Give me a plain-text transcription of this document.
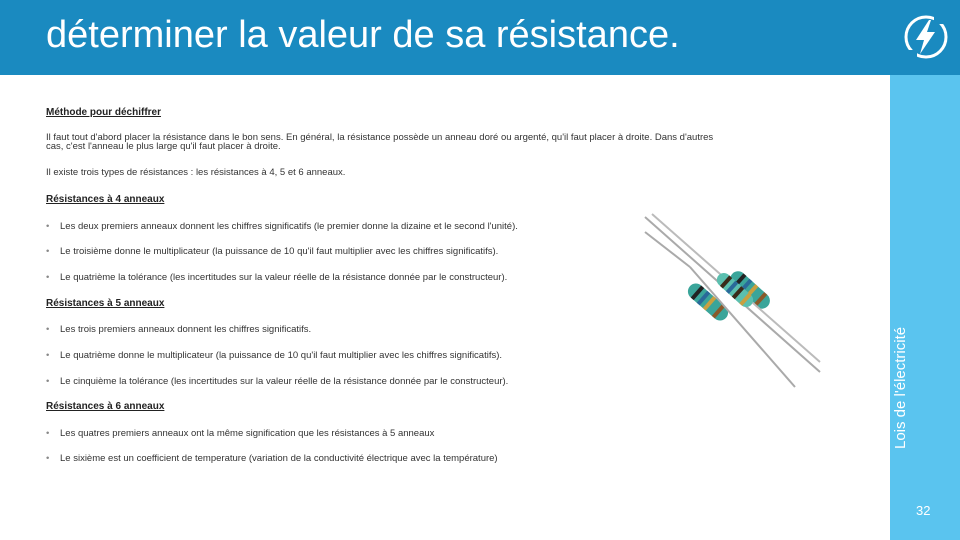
déterminer la valeur de sa résistance.
Lois de l'électricité
32
Méthode pour déchiffrer
Il faut tout d'abord placer la résistance dans le bon sens. En général, la résistance possède un anneau doré ou argenté, qu'il faut placer à droite. Dans d'autres
cas, c'est l'anneau le plus large qu'il faut placer à droite.
Il existe trois types de résistances : les résistances à 4, 5 et 6 anneaux.
Résistances à 4 anneaux
• Les deux premiers anneaux donnent les chiffres significatifs (le premier donne la dizaine et le second l'unité).
• Le troisième donne le multiplicateur (la puissance de 10 qu'il faut multiplier avec les chiffres significatifs).
• Le quatrième la tolérance (les incertitudes sur la valeur réelle de la résistance donnée par le constructeur).
Résistances à 5 anneaux
• Les trois premiers anneaux donnent les chiffres significatifs.
• Le quatrième donne le multiplicateur (la puissance de 10 qu'il faut multiplier avec les chiffres significatifs).
• Le cinquième la tolérance (les incertitudes sur la valeur réelle de la résistance donnée par le constructeur).
Résistances à 6 anneaux
• Les quatres premiers anneaux ont la même signification que les résistances à 5 anneaux
• Le sixième est un coefficient de temperature (variation de la conductivité électrique avec la température)
